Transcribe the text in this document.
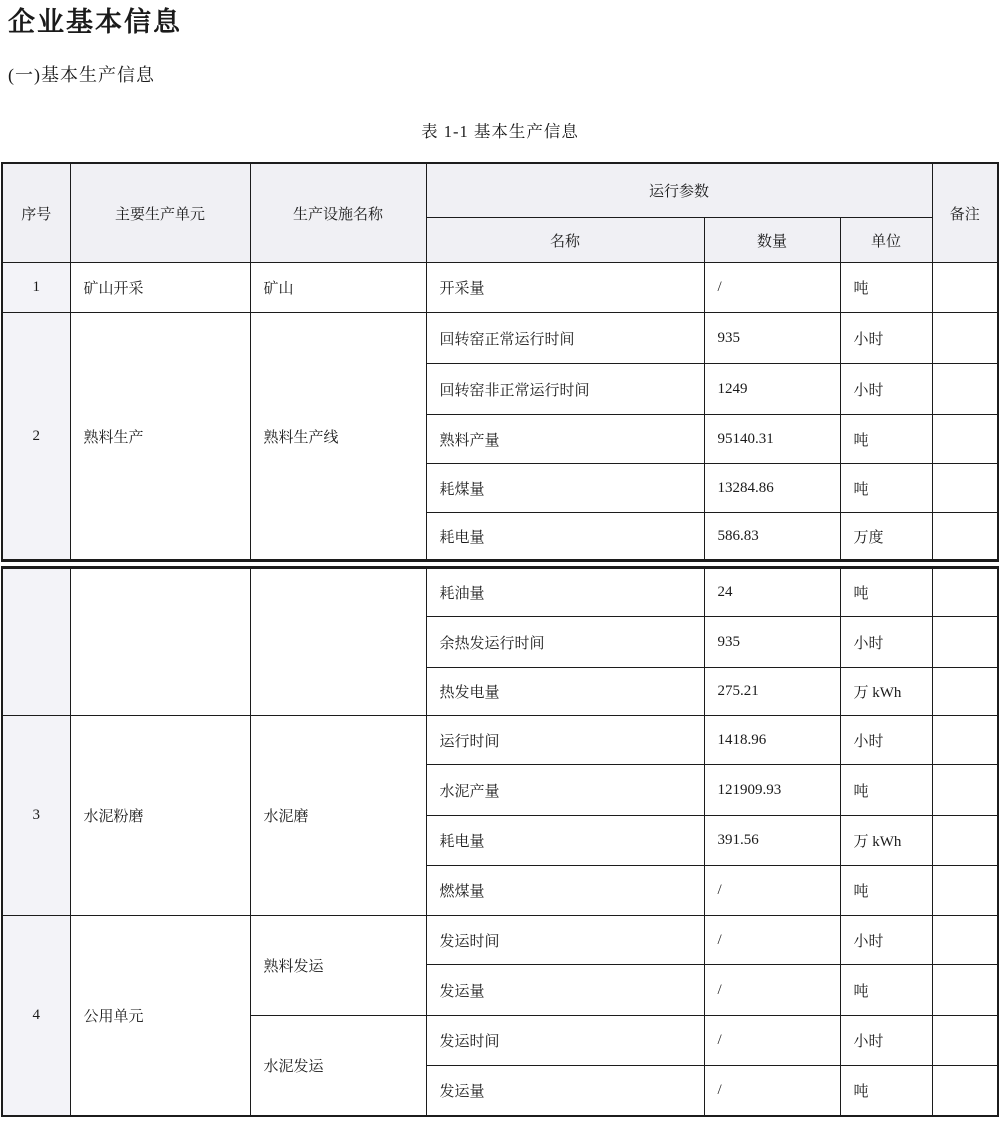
企业基本信息
(一)基本生产信息
表 1-1 基本生产信息
序号	主要生产单元	生产设施名称	运行参数			备注
			名称	数量	单位	
1	矿山开采	矿山	开采量	/	吨	
2	熟料生产	熟料生产线	回转窑正常运行时间	935	小时	
			回转窑非正常运行时间	1249	小时	
			熟料产量	95140.31	吨	
			耗煤量	13284.86	吨	
			耗电量	586.83	万度	
			耗油量	24	吨	
			余热发运行时间	935	小时	
			热发电量	275.21	万 kWh	
3	水泥粉磨	水泥磨	运行时间	1418.96	小时	
			水泥产量	121909.93	吨	
			耗电量	391.56	万 kWh	
			燃煤量	/	吨	
4	公用单元	熟料发运	发运时间	/	小时	
			发运量	/	吨	
		水泥发运	发运时间	/	小时	
			发运量	/	吨	
